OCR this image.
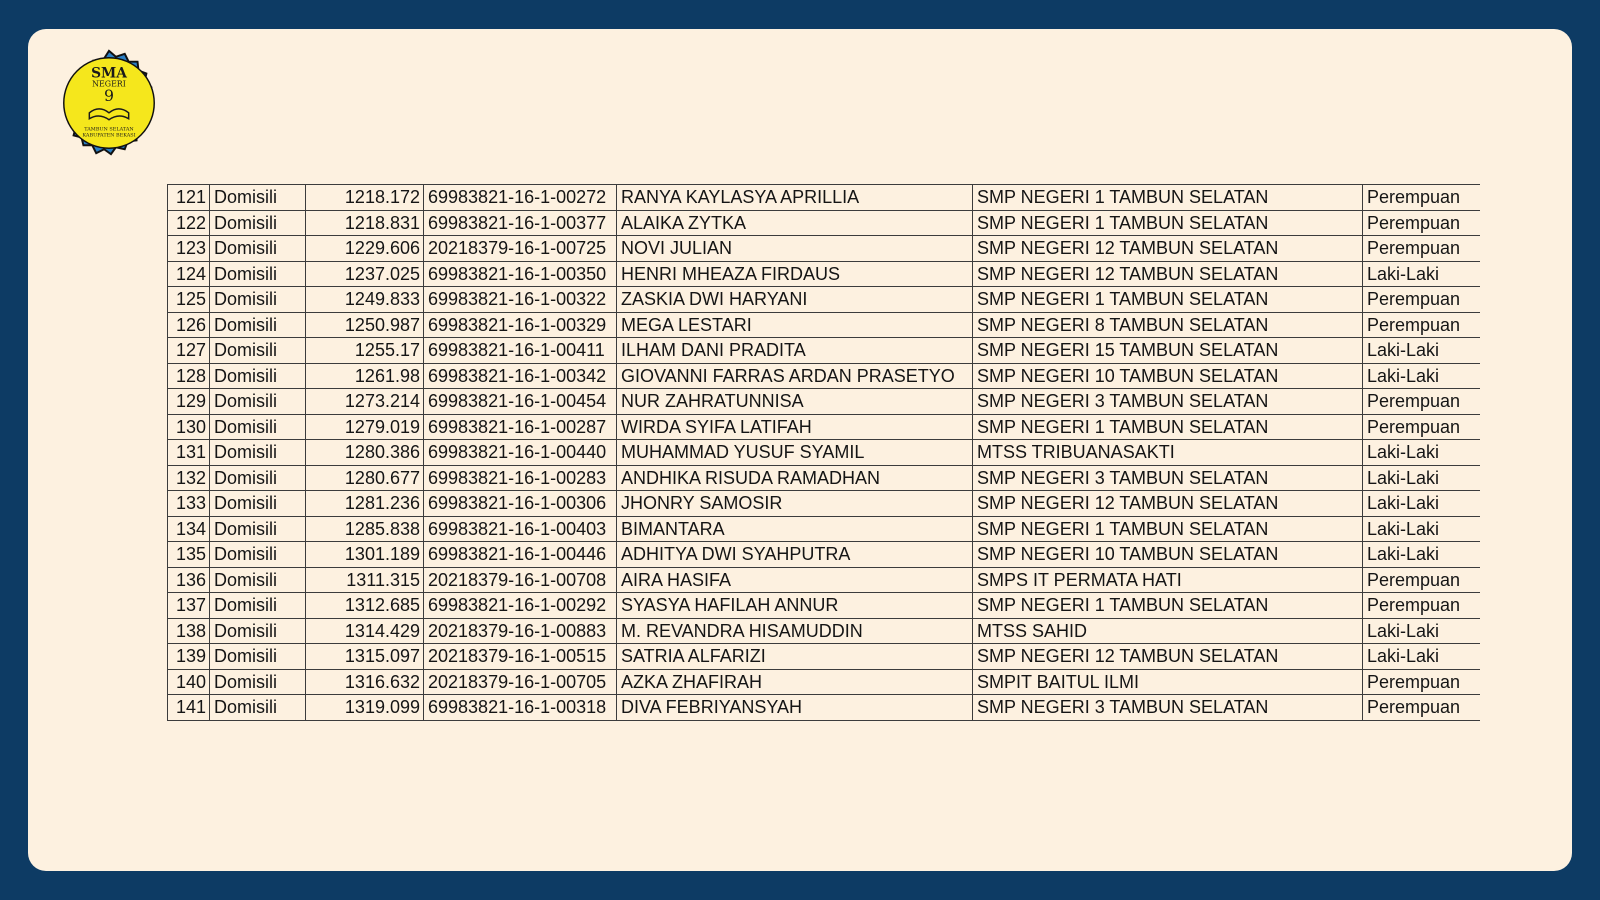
SMA
NEGERI
9
TAMBUN SELATAN
KABUPATEN BEKASI
121	Domisili	1218.172	69983821-16-1-00272	RANYA KAYLASYA APRILLIA	SMP NEGERI 1 TAMBUN SELATAN	Perempuan
122	Domisili	1218.831	69983821-16-1-00377	ALAIKA ZYTKA	SMP NEGERI 1 TAMBUN SELATAN	Perempuan
123	Domisili	1229.606	20218379-16-1-00725	NOVI JULIAN	SMP NEGERI 12 TAMBUN SELATAN	Perempuan
124	Domisili	1237.025	69983821-16-1-00350	HENRI MHEAZA FIRDAUS	SMP NEGERI 12 TAMBUN SELATAN	Laki-Laki
125	Domisili	1249.833	69983821-16-1-00322	ZASKIA DWI HARYANI	SMP NEGERI 1 TAMBUN SELATAN	Perempuan
126	Domisili	1250.987	69983821-16-1-00329	MEGA LESTARI	SMP NEGERI 8 TAMBUN SELATAN	Perempuan
127	Domisili	1255.17	69983821-16-1-00411	ILHAM DANI PRADITA	SMP NEGERI 15 TAMBUN SELATAN	Laki-Laki
128	Domisili	1261.98	69983821-16-1-00342	GIOVANNI FARRAS ARDAN PRASETYO	SMP NEGERI 10 TAMBUN SELATAN	Laki-Laki
129	Domisili	1273.214	69983821-16-1-00454	NUR ZAHRATUNNISA	SMP NEGERI 3 TAMBUN SELATAN	Perempuan
130	Domisili	1279.019	69983821-16-1-00287	WIRDA SYIFA LATIFAH	SMP NEGERI 1 TAMBUN SELATAN	Perempuan
131	Domisili	1280.386	69983821-16-1-00440	MUHAMMAD YUSUF SYAMIL	MTSS TRIBUANASAKTI	Laki-Laki
132	Domisili	1280.677	69983821-16-1-00283	ANDHIKA RISUDA RAMADHAN	SMP NEGERI 3 TAMBUN SELATAN	Laki-Laki
133	Domisili	1281.236	69983821-16-1-00306	JHONRY SAMOSIR	SMP NEGERI 12 TAMBUN SELATAN	Laki-Laki
134	Domisili	1285.838	69983821-16-1-00403	BIMANTARA	SMP NEGERI 1 TAMBUN SELATAN	Laki-Laki
135	Domisili	1301.189	69983821-16-1-00446	ADHITYA DWI SYAHPUTRA	SMP NEGERI 10 TAMBUN SELATAN	Laki-Laki
136	Domisili	1311.315	20218379-16-1-00708	AIRA HASIFA	SMPS IT PERMATA HATI	Perempuan
137	Domisili	1312.685	69983821-16-1-00292	SYASYA HAFILAH ANNUR	SMP NEGERI 1 TAMBUN SELATAN	Perempuan
138	Domisili	1314.429	20218379-16-1-00883	M. REVANDRA HISAMUDDIN	MTSS SAHID	Laki-Laki
139	Domisili	1315.097	20218379-16-1-00515	SATRIA ALFARIZI	SMP NEGERI 12 TAMBUN SELATAN	Laki-Laki
140	Domisili	1316.632	20218379-16-1-00705	AZKA ZHAFIRAH	SMPIT BAITUL ILMI	Perempuan
141	Domisili	1319.099	69983821-16-1-00318	DIVA FEBRIYANSYAH	SMP NEGERI 3 TAMBUN SELATAN	Perempuan
